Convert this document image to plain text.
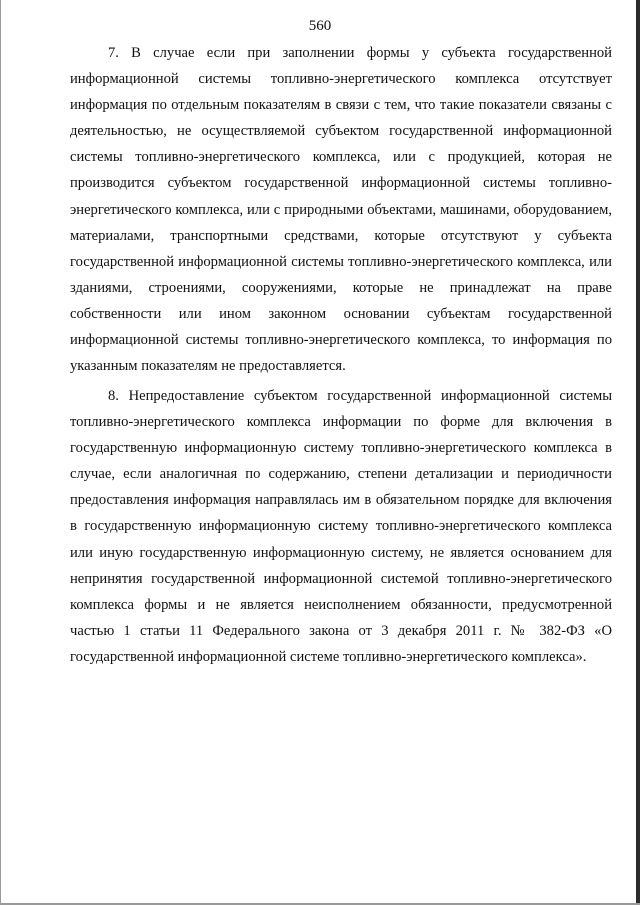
560

7. В случае если при заполнении формы у субъекта государственной информационной системы топливно-энергетического комплекса отсутствует информация по отдельным показателям в связи с тем, что такие показатели связаны с деятельностью, не осуществляемой субъектом государственной информационной системы топливно-энергетического комплекса, или с продукцией, которая не производится субъектом государственной информационной системы топливно-энергетического комплекса, или с природными объектами, машинами, оборудованием, материалами, транспортными средствами, которые отсутствуют у субъекта государственной информационной системы топливно-энергетического комплекса, или зданиями, строениями, сооружениями, которые не принадлежат на праве собственности или ином законном основании субъектам государственной информационной системы топливно-энергетического комплекса, то информация по указанным показателям не предоставляется.

8. Непредоставление субъектом государственной информационной системы топливно-энергетического комплекса информации по форме для включения в государственную информационную систему топливно-энергетического комплекса в случае, если аналогичная по содержанию, степени детализации и периодичности предоставления информация направлялась им в обязательном порядке для включения в государственную информационную систему топливно-энергетического комплекса или иную государственную информационную систему, не является основанием для непринятия государственной информационной системой топливно-энергетического комплекса формы и не является неисполнением обязанности, предусмотренной частью 1 статьи 11 Федерального закона от 3 декабря 2011 г. № 382-ФЗ «О государственной информационной системе топливно-энергетического комплекса».
